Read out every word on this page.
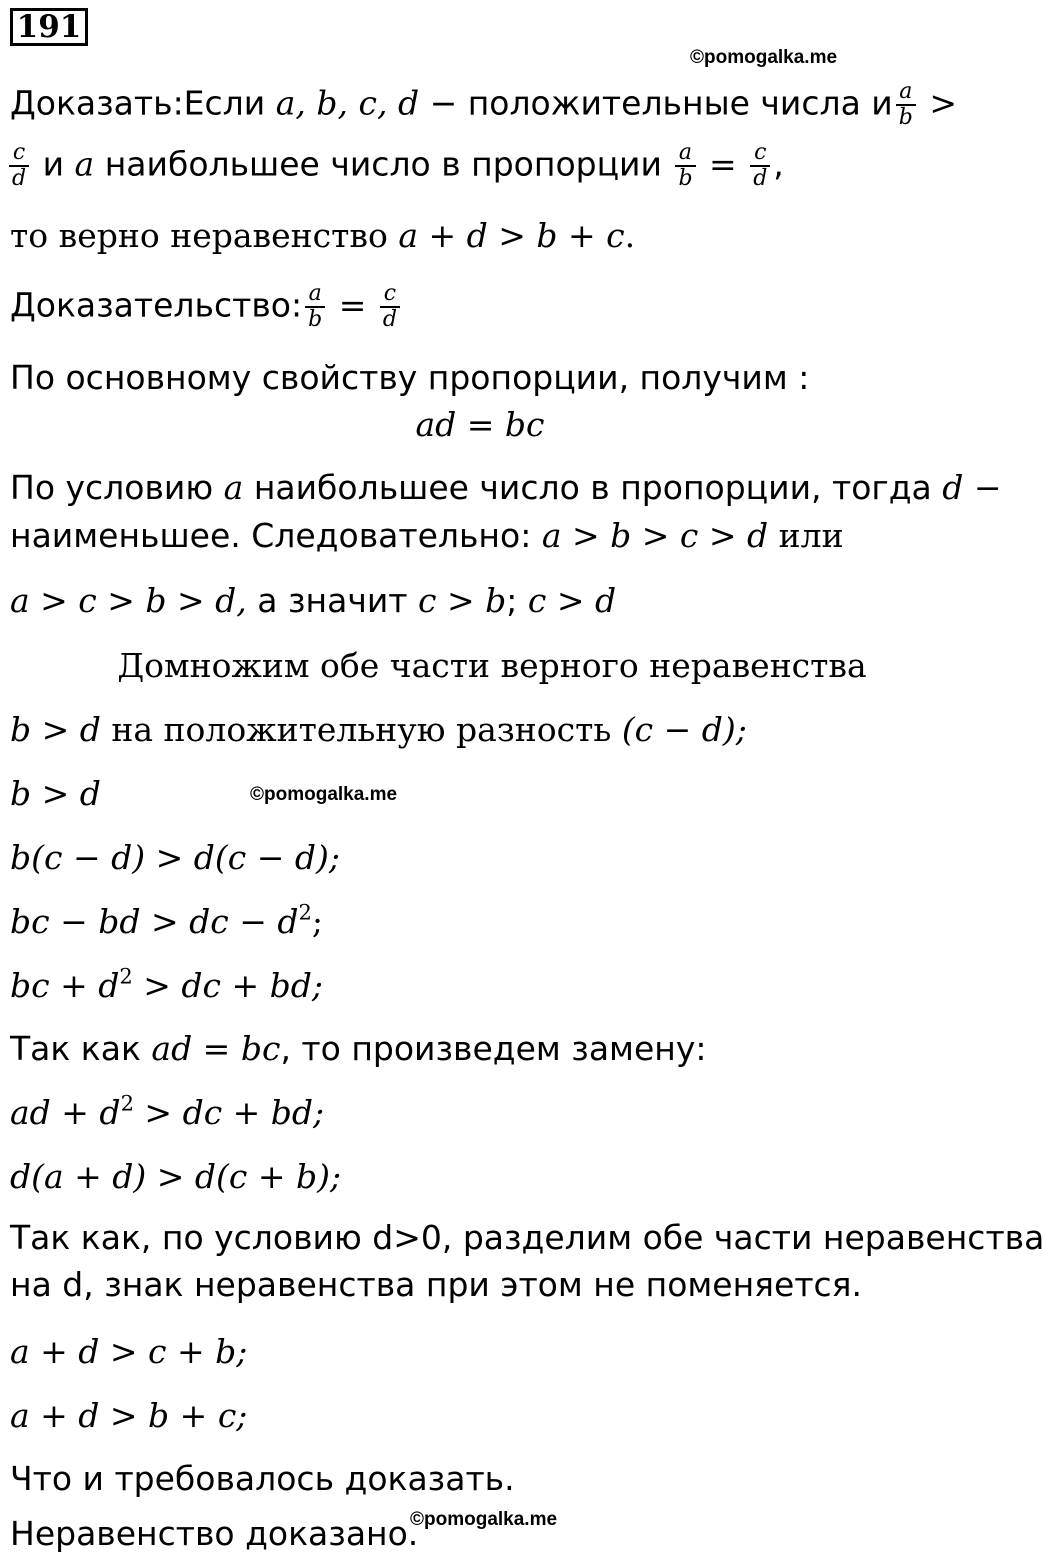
191
©pomogalka.me
©pomogalka.me
©pomogalka.me
Доказать:Если a, b, c, d − положительные числа и $\frac{a}{b}$ >
$\frac{c}{d}$ и a наибольшее число в пропорции $\frac{a}{b} = \frac{c}{d}$ ,
то верно неравенство a + d > b + c.
Доказательство: $\frac{a}{b} = \frac{c}{d}$
По основному свойству пропорции, получим :
ad = bc
По условию a наибольшее число в пропорции, тогда d −
наименьшее. Следовательно: a > b > c > d или
a > c > b > d, а значит c > b; c > d
Домножим обе части верного неравенства
b > d на положительную разность (c − d);
b > d
b(c − d) > d(c − d);
bc − bd > dc − $d^2$;
bc + $d^2$ > dc + bd;
Так как ad = bc, то произведем замену:
ad + $d^2$ > dc + bd;
d(a + d) > d(c + b);
Так как, по условию d>0, разделим обе части неравенства
на d, знак неравенства при этом не поменяется.
a + d > c + b;
a + d > b + c;
Что и требовалось доказать.
Неравенство доказано.
